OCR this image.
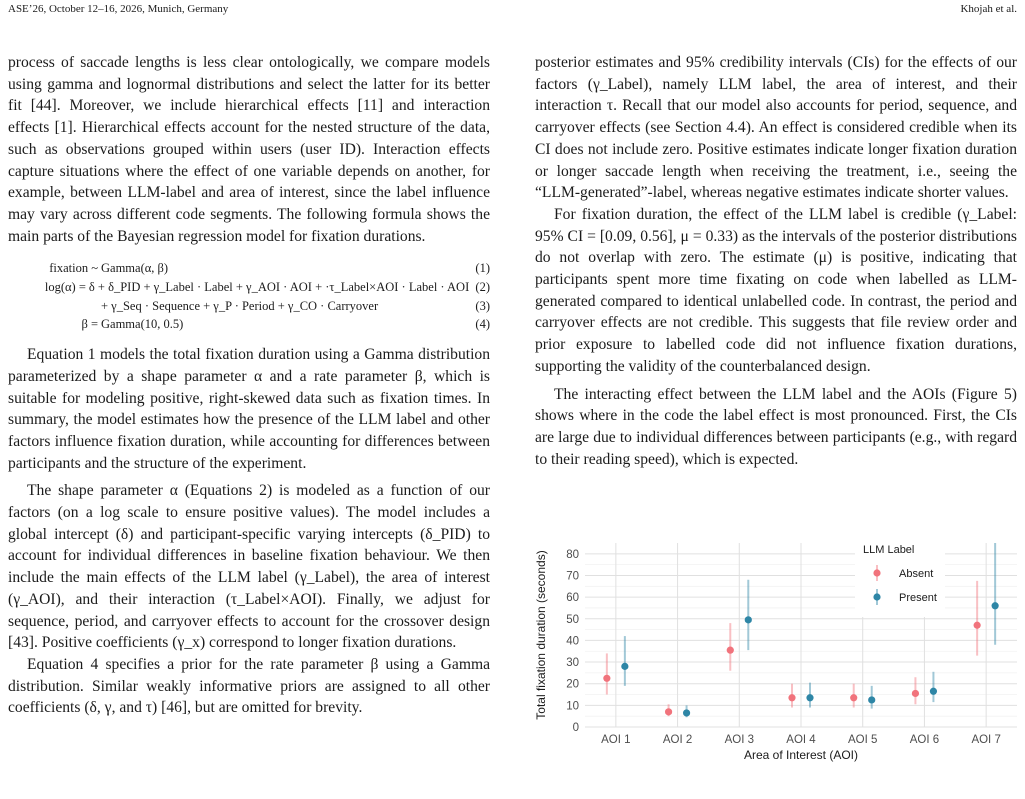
ASE’26, October 12–16, 2026, Munich, Germany	Khojah et al.

process of saccade lengths is less clear ontologically, we compare models using gamma and lognormal distributions and select the latter for its better fit [44]. Moreover, we include hierarchical effects [11] and interaction effects [1]. Hierarchical effects account for the nested structure of the data, such as observations grouped within users (user ID). Interaction effects capture situations where the effect of one variable depends on another, for example, between LLM-label and area of interest, since the label influence may vary across different code segments. The following formula shows the main parts of the Bayesian regression model for fixation durations.

fixation ~ Gamma(α, β)	(1)
log(α) = δ + δ_PID + γ_Label · Label + γ_AOI · AOI + ·τ_Label×AOI · Label · AOI (2)
+ γ_Seq · Sequence + γ_P · Period + γ_CO · Carryover	(3)
β = Gamma(10, 0.5)	(4)

Equation 1 models the total fixation duration using a Gamma distribution parameterized by a shape parameter α and a rate parameter β, which is suitable for modeling positive, right-skewed data such as fixation times. In summary, the model estimates how the presence of the LLM label and other factors influence fixation duration, while accounting for differences between participants and the structure of the experiment.

The shape parameter α (Equations 2) is modeled as a function of our factors (on a log scale to ensure positive values). The model includes a global intercept (δ) and participant-specific varying intercepts (δ_PID) to account for individual differences in baseline fixation behaviour. We then include the main effects of the LLM label (γ_Label), the area of interest (γ_AOI), and their interaction (τ_Label×AOI). Finally, we adjust for sequence, period, and carryover effects to account for the crossover design [43]. Positive coefficients (γ_x) correspond to longer fixation durations.

Equation 4 specifies a prior for the rate parameter β using a Gamma distribution. Similar weakly informative priors are assigned to all other coefficients (δ, γ, and τ) [46], but are omitted for brevity.

posterior estimates and 95% credibility intervals (CIs) for the effects of our factors (γ_Label), namely LLM label, the area of interest, and their interaction τ. Recall that our model also accounts for period, sequence, and carryover effects (see Section 4.4). An effect is considered credible when its CI does not include zero. Positive estimates indicate longer fixation duration or longer saccade length when receiving the treatment, i.e., seeing the “LLM-generated”-label, whereas negative estimates indicate shorter values.

For fixation duration, the effect of the LLM label is credible (γ_Label: 95% CI = [0.09, 0.56], μ = 0.33) as the intervals of the posterior distributions do not overlap with zero. The estimate (μ) is positive, indicating that participants spent more time fixating on code when labelled as LLM-generated compared to identical unlabelled code. In contrast, the period and carryover effects are not credible. This suggests that file review order and prior exposure to labelled code did not influence fixation durations, supporting the validity of the counterbalanced design.

The interacting effect between the LLM label and the AOIs (Figure 5) shows where in the code the label effect is most pronounced. First, the CIs are large due to individual differences between participants (e.g., with regard to their reading speed), which is expected.

0
10
20
30
40
50
60
70
80
AOI 1	AOI 2	AOI 3	AOI 4	AOI 5	AOI 6	AOI 7
Area of Interest (AOI)
Total fixation duration (seconds)
LLM Label
Absent
Present
